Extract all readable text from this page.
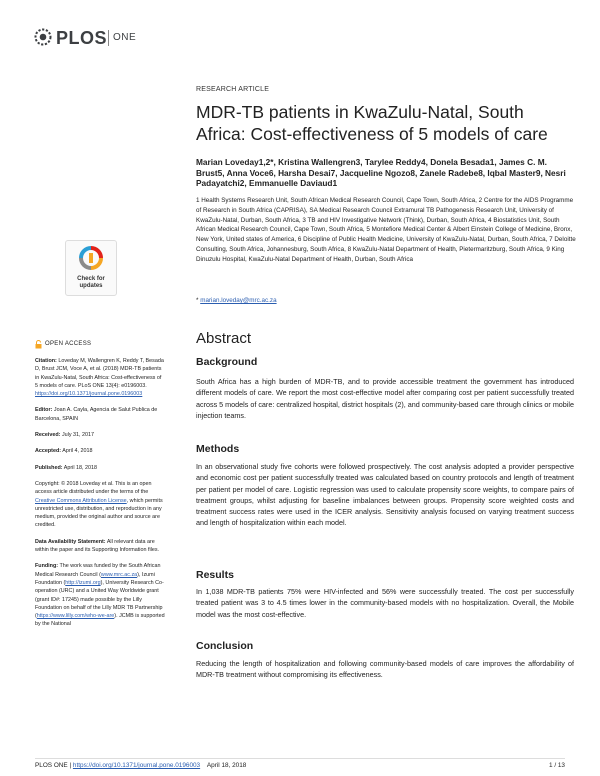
PLOS ONE
RESEARCH ARTICLE
MDR-TB patients in KwaZulu-Natal, South Africa: Cost-effectiveness of 5 models of care
Marian Loveday1,2*, Kristina Wallengren3, Tarylee Reddy4, Donela Besada1, James C. M. Brust5, Anna Voce6, Harsha Desai7, Jacqueline Ngozo8, Zanele Radebe8, Iqbal Master9, Nesri Padayatchi2, Emmanuelle Daviaud1
1 Health Systems Research Unit, South African Medical Research Council, Cape Town, South Africa, 2 Centre for the AIDS Programme of Research in South Africa (CAPRISA), SA Medical Research Council Extramural TB Pathogenesis Research Unit, University of KwaZulu-Natal, Durban, South Africa, 3 TB and HIV Investigative Network (Think), Durban, South Africa, 4 Biostatistics Unit, South African Medical Research Council, Cape Town, South Africa, 5 Montefiore Medical Center & Albert Einstein College of Medicine, Bronx, New York, United states of America, 6 Discipline of Public Health Medicine, University of KwaZulu-Natal, Durban, South Africa, 7 Deloitte Consulting, South Africa, Johannesburg, South Africa, 8 KwaZulu-Natal Department of Health, Pietermaritzburg, South Africa, 9 King Dinuzulu Hospital, KwaZulu-Natal Department of Health, Durban, South Africa
* marian.loveday@mrc.ac.za
Check for
updates
OPEN ACCESS

Citation: Loveday M, Wallengren K, Reddy T, Besada D, Brust JCM, Voce A, et al. (2018) MDR-TB patients in KwaZulu-Natal, South Africa: Cost-effectiveness of 5 models of care. PLoS ONE 13(4): e0196003. https://doi.org/10.1371/journal.pone.0196003

Editor: Joan A. Cayla, Agencia de Salut Publica de Barcelona, SPAIN

Received: July 31, 2017

Accepted: April 4, 2018

Published: April 18, 2018

Copyright: © 2018 Loveday et al. This is an open access article distributed under the terms of the Creative Commons Attribution License, which permits unrestricted use, distribution, and reproduction in any medium, provided the original author and source are credited.

Data Availability Statement: All relevant data are within the paper and its Supporting Information files.

Funding: The work was funded by the South African Medical Research Council (www.mrc.ac.za), Izumi Foundation (http://izumi.org), University Research Co-operation (URC) and a United Way Worldwide grant (grant ID#: 17245) made possible by the Lilly Foundation on behalf of the Lilly MDR TB Partnership (https://www.lilly.com/who-we-are). JCMB is supported by the National

Abstract
Background

South Africa has a high burden of MDR-TB, and to provide accessible treatment the government has introduced different models of care. We report the most cost-effective model after comparing cost per patient successfully treated across 5 models of care: centralized hospital, district hospitals (2), and community-based care through clinics or mobile injection teams.

Methods

In an observational study five cohorts were followed prospectively. The cost analysis adopted a provider perspective and economic cost per patient successfully treated was calculated based on country protocols and length of treatment per patient per model of care. Logistic regression was used to calculate propensity score weights, to compare pairs of treatment groups, whilst adjusting for baseline imbalances between groups. Propensity score weighted costs and treatment success rates were used in the ICER analysis. Sensitivity analysis focused on varying treatment success and length of hospitalization within each model.

Results

In 1,038 MDR-TB patients 75% were HIV-infected and 56% were successfully treated. The cost per successfully treated patient was 3 to 4.5 times lower in the community-based models with no hospitalization. Overall, the Mobile model was the most cost-effective.

Conclusion

Reducing the length of hospitalization and following community-based models of care improves the affordability of MDR-TB treatment without compromising its effectiveness.

PLOS ONE | https://doi.org/10.1371/journal.pone.0196003 April 18, 2018	1 / 13
